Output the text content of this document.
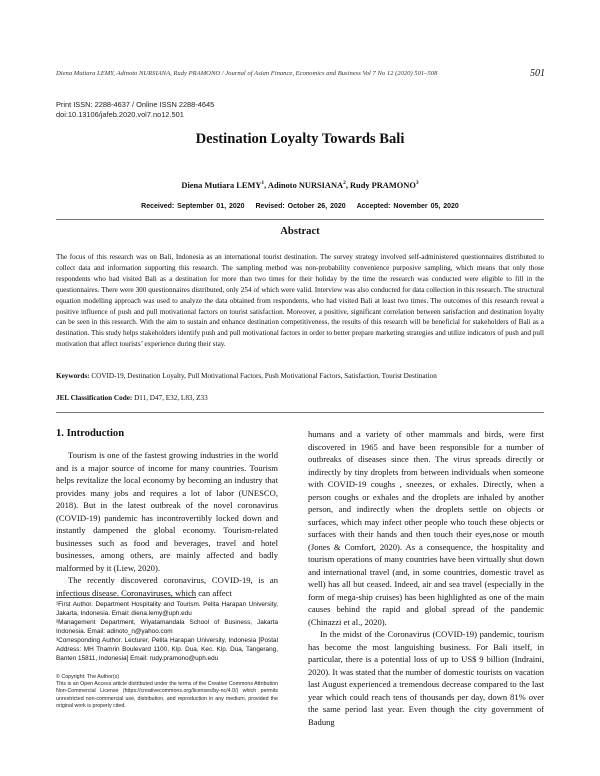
Diena Mutiara LEMY, Adinoto NURSIANA, Rudy PRAMONO / Journal of Asian Finance, Economics and Business Vol 7 No 12 (2020) 501–508	501
Print ISSN: 2288-4637 / Online ISSN 2288-4645
doi:10.13106/jafeb.2020.vol7.no12.501
Destination Loyalty Towards Bali
Diena Mutiara LEMY$^1$, Adinoto NURSIANA$^2$, Rudy PRAMONO$^3$
Received: September 01, 2020 Revised: October 26, 2020 Accepted: November 05, 2020
Abstract

The focus of this research was on Bali, Indonesia as an international tourist destination. The survey strategy involved self-administered questionnaires distributed to collect data and information supporting this research. The sampling method was non-probability convenience purposive sampling, which means that only those respondents who had visited Bali as a destination for more than two times for their holiday by the time the research was conducted were eligible to fill in the questionnaires. There were 300 questionnaires distributed, only 254 of which were valid. Interview was also conducted for data collection in this research. The structural equation modelling approach was used to analyze the data obtained from respondents, who had visited Bali at least two times. The outcomes of this research reveal a positive influence of push and pull motivational factors on tourist satisfaction. Moreover, a positive, significant correlation between satisfaction and destination loyalty can be seen in this research. With the aim to sustain and enhance destination competitiveness, the results of this research will be beneficial for stakeholders of Bali as a destination. This study helps stakeholders identify push and pull motivational factors in order to better prepare marketing strategies and utilize indicators of push and pull motivation that affect tourists’ experience during their stay.

Keywords: COVID-19, Destination Loyalty, Pull Motivational Factors, Push Motivational Factors, Satisfaction, Tourist Destination
JEL Classification Code: D11, D47, E32, L83, Z33
1. Introduction

Tourism is one of the fastest growing industries in the world and is a major source of income for many countries. Tourism helps revitalize the local economy by becoming an industry that provides many jobs and requires a lot of labor (UNESCO, 2018). But in the latest outbreak of the novel coronavirus (COVID-19) pandemic has incontrovertibly locked down and instantly dampened the global economy. Tourism-related businesses such as food and beverages, travel and hotel businesses, among others, are mainly affected and badly malformed by it (Liew, 2020).

The recently discovered coronavirus, COVID-19, is an infectious disease. Coronaviruses, which can affect

humans and a variety of other mammals and birds, were first discovered in 1965 and have been responsible for a number of outbreaks of diseases since then. The virus spreads directly or indirectly by tiny droplets from between individuals when someone with COVID-19 coughs , sneezes, or exhales. Directly, when a person coughs or exhales and the droplets are inhaled by another person, and indirectly when the droplets settle on objects or surfaces, which may infect other people who touch these objects or surfaces with their hands and then touch their eyes,nose or mouth (Jones & Comfort, 2020). As a consequence, the hospitality and tourism operations of many countries have been virtually shut down and international travel (and, in some countries, domestic travel as well) has all but ceased. Indeed, air and sea travel (especially in the form of mega-ship cruises) has been highlighted as one of the main causes behind the rapid and global spread of the pandemic (Chinazzi et al., 2020).

In the midst of the Coronavirus (COVID-19) pandemic, tourism has become the most languishing business. For Bali itself, in particular, there is a potential loss of up to US$ 9 billion (Indraini, 2020). It was stated that the number of domestic tourists on vacation last August experienced a tremendous decrease compared to the last year which could reach tens of thousands per day, down 81% over the same period last year. Even though the city government of Badung

¹First Author. Department Hospitality and Tourism. Pelita Harapan University, Jakarta, Indonesia. Email: diena.lemy@uph.edu
²Management Department, Wiyatamandala School of Business, Jakarta Indonesia. Email: adinoto_n@yahoo.com
³Corresponding Author. Lecturer, Pelita Harapan University, Indonesia [Postal Address: MH Thamrin Boulevard 1100, Klp. Dua, Kec. Klp. Dua, Tangerang, Banten 15811, Indonesia] Email: rudy.pramono@uph.edu
© Copyright: The Author(s)
This is an Open Access article distributed under the terms of the Creative Commons Attribution Non-Commercial License (https://creativecommons.org/licenses/by-nc/4.0/) which permits unrestricted non-commercial use, distribution, and reproduction in any medium, provided the original work is properly cited.
